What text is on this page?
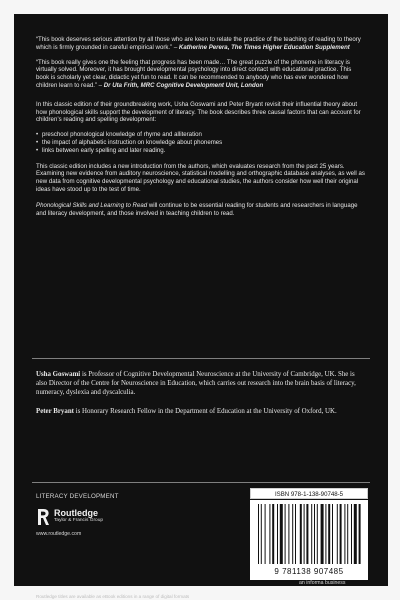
“This book deserves serious attention by all those who are keen to relate the practice of the teaching of reading to theory which is firmly grounded in careful empirical work.” – Katherine Perera, The Times Higher Education Supplement

“This book really gives one the feeling that progress has been made… The great puzzle of the phoneme in literacy is virtually solved. Moreover, it has brought developmental psychology into direct contact with educational practice. This book is scholarly yet clear, didactic yet fun to read. It can be recommended to anybody who has ever wondered how children learn to read.” – Dr Uta Frith, MRC Cognitive Development Unit, London

In this classic edition of their groundbreaking work, Usha Goswami and Peter Bryant revisit their influential theory about how phonological skills support the development of literacy. The book describes three causal factors that can account for children’s reading and spelling development:

• preschool phonological knowledge of rhyme and alliteration
• the impact of alphabetic instruction on knowledge about phonemes
• links between early spelling and later reading.

This classic edition includes a new introduction from the authors, which evaluates research from the past 25 years. Examining new evidence from auditory neuroscience, statistical modelling and orthographic database analyses, as well as new data from cognitive developmental psychology and educational studies, the authors consider how well their original ideas have stood up to the test of time.

Phonological Skills and Learning to Read will continue to be essential reading for students and researchers in language and literacy development, and those involved in teaching children to read.

Usha Goswami is Professor of Cognitive Developmental Neuroscience at the University of Cambridge, UK. She is also Director of the Centre for Neuroscience in Education, which carries out research into the brain basis of literacy, numeracy, dyslexia and dyscalculia.

Peter Bryant is Honorary Research Fellow in the Department of Education at the University of Oxford, UK.

LITERACY DEVELOPMENT
Routledge
Taylor & Francis Group
www.routledge.com
ISBN 978-1-138-90748-5
9 781138 907485
an informa business
Routledge titles are available as eBook editions in a range of digital formats
